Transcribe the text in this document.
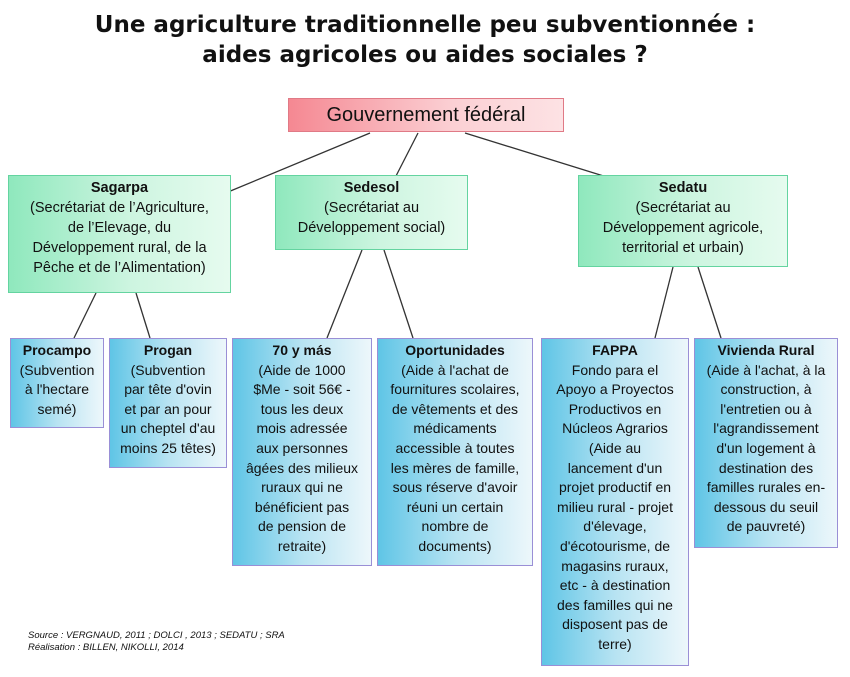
Une agriculture traditionnelle peu subventionnée :
aides agricoles ou aides sociales ?
Gouvernement fédéral
Sagarpa
(Secrétariat de l’Agriculture,
de l’Elevage, du
Développement rural, de la
Pêche et de l’Alimentation)
Sedesol
(Secrétariat au
Développement social)
Sedatu
(Secrétariat au
Développement agricole,
territorial et urbain)
Procampo
(Subvention
à l'hectare
semé)
Progan
(Subvention
par tête d'ovin
et par an pour
un cheptel d'au
moins 25 têtes)
70 y más
(Aide de 1000
$Me - soit 56€ -
tous les deux
mois adressée
aux personnes
âgées des milieux
ruraux qui ne
bénéficient pas
de pension de
retraite)
Oportunidades
(Aide à l'achat de
fournitures scolaires,
de vêtements et des
médicaments
accessible à toutes
les mères de famille,
sous réserve d'avoir
réuni un certain
nombre de
documents)
FAPPA
Fondo para el
Apoyo a Proyectos
Productivos en
Núcleos Agrarios
(Aide au
lancement d'un
projet productif en
milieu rural - projet
d'élevage,
d'écotourisme, de
magasins ruraux,
etc - à destination
des familles qui ne
disposent pas de
terre)
Vivienda Rural
(Aide à l'achat, à la
construction, à
l'entretien ou à
l'agrandissement
d'un logement à
destination des
familles rurales en-
dessous du seuil
de pauvreté)
Source : VERGNAUD, 2011 ; DOLCI , 2013 ; SEDATU ; SRA
Réalisation : BILLEN, NIKOLLI, 2014
